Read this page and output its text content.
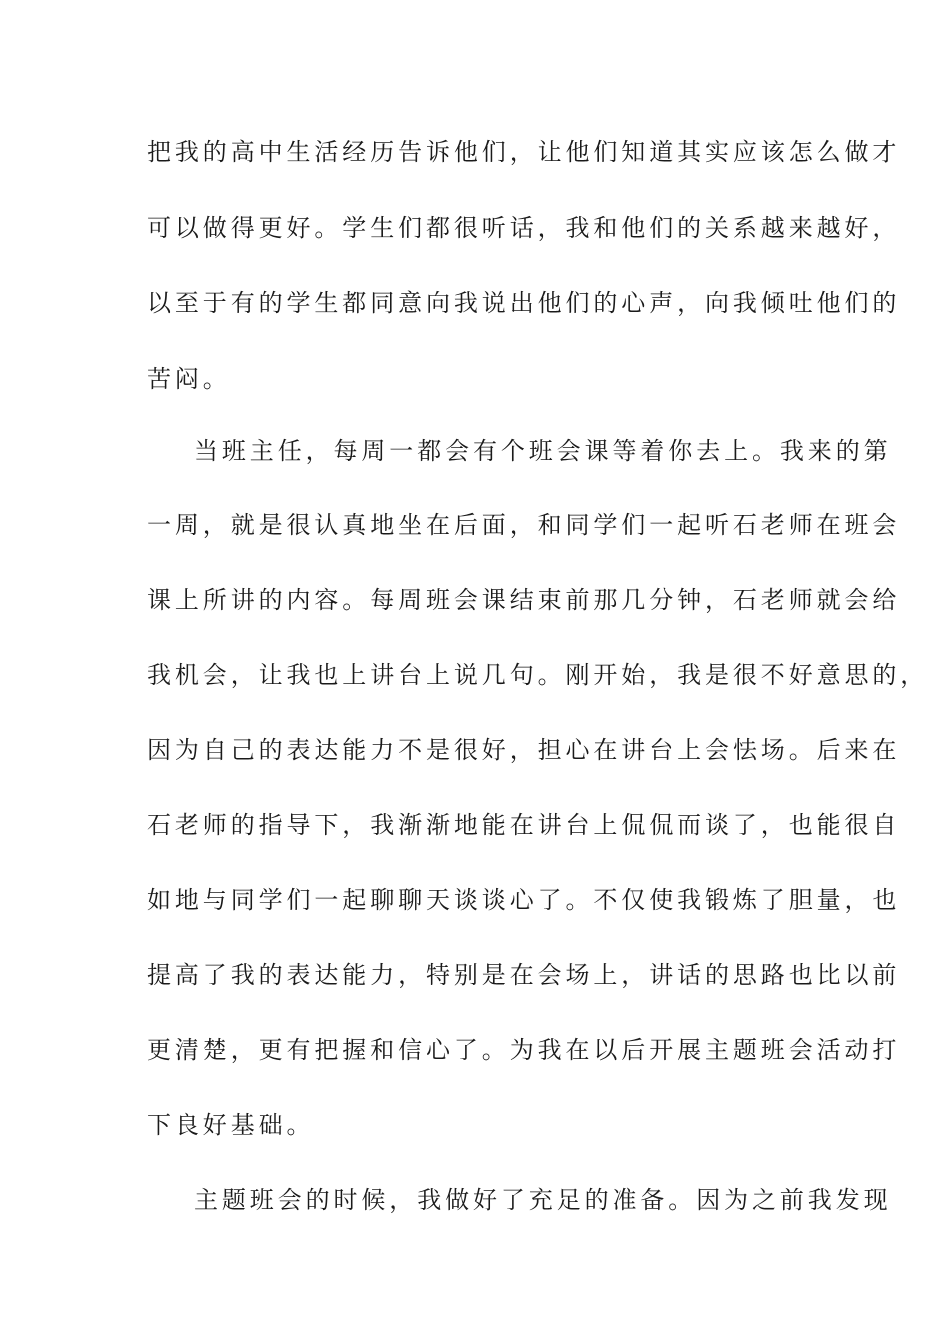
把我的高中生活经历告诉他们，让他们知道其实应该怎么做才
可以做得更好。学生们都很听话，我和他们的关系越来越好，
以至于有的学生都同意向我说出他们的心声，向我倾吐他们的
苦闷。
当班主任，每周一都会有个班会课等着你去上。我来的第
一周，就是很认真地坐在后面，和同学们一起听石老师在班会
课上所讲的内容。每周班会课结束前那几分钟，石老师就会给
我机会，让我也上讲台上说几句。刚开始，我是很不好意思的，
因为自己的表达能力不是很好，担心在讲台上会怯场。后来在
石老师的指导下，我渐渐地能在讲台上侃侃而谈了，也能很自
如地与同学们一起聊聊天谈谈心了。不仅使我锻炼了胆量，也
提高了我的表达能力，特别是在会场上，讲话的思路也比以前
更清楚，更有把握和信心了。为我在以后开展主题班会活动打
下良好基础。
主题班会的时候，我做好了充足的准备。因为之前我发现
